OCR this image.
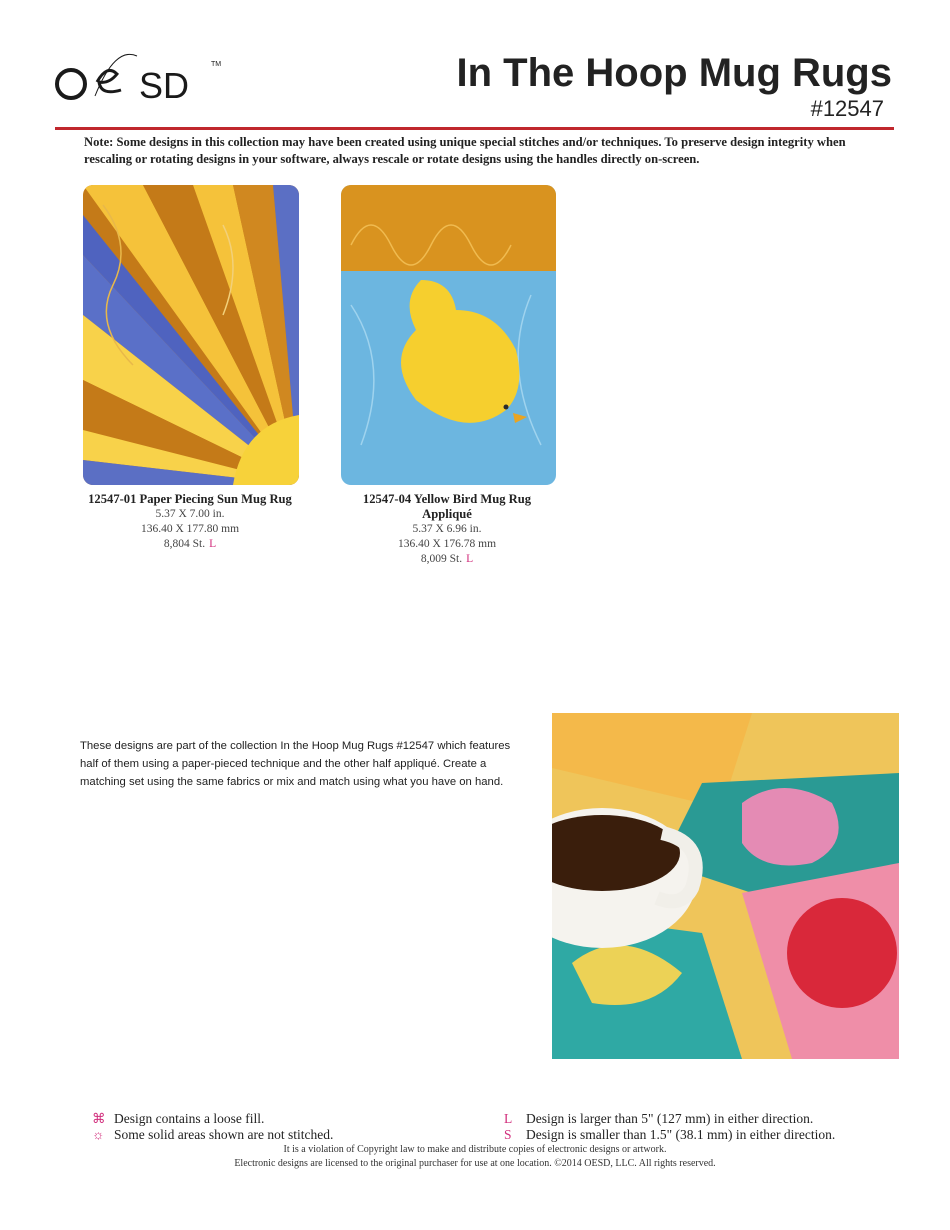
SD
TM	In The Hoop Mug Rugs
#12547
Note: Some designs in this collection may have been created using unique special stitches and/or techniques. To preserve design integrity when rescaling or rotating designs in your software, always rescale or rotate designs using the handles directly on-screen.
12547-01 Paper Piecing Sun Mug Rug
5.37 X 7.00 in.
136.40 X 177.80 mm
8,804 St. L
12547-04 Yellow Bird Mug Rug Appliqué
5.37 X 6.96 in.
136.40 X 176.78 mm
8,009 St. L
These designs are part of the collection In the Hoop Mug Rugs #12547 which features half of them using a paper-pieced technique and the other half appliqué. Create a matching set using the same fabrics or mix and match using what you have on hand.
⌘ Design contains a loose fill.
☼ Some solid areas shown are not stitched.
L Design is larger than 5" (127 mm) in either direction.
S Design is smaller than 1.5" (38.1 mm) in either direction.
It is a violation of Copyright law to make and distribute copies of electronic designs or artwork.
Electronic designs are licensed to the original purchaser for use at one location. ©2014 OESD, LLC. All rights reserved.
